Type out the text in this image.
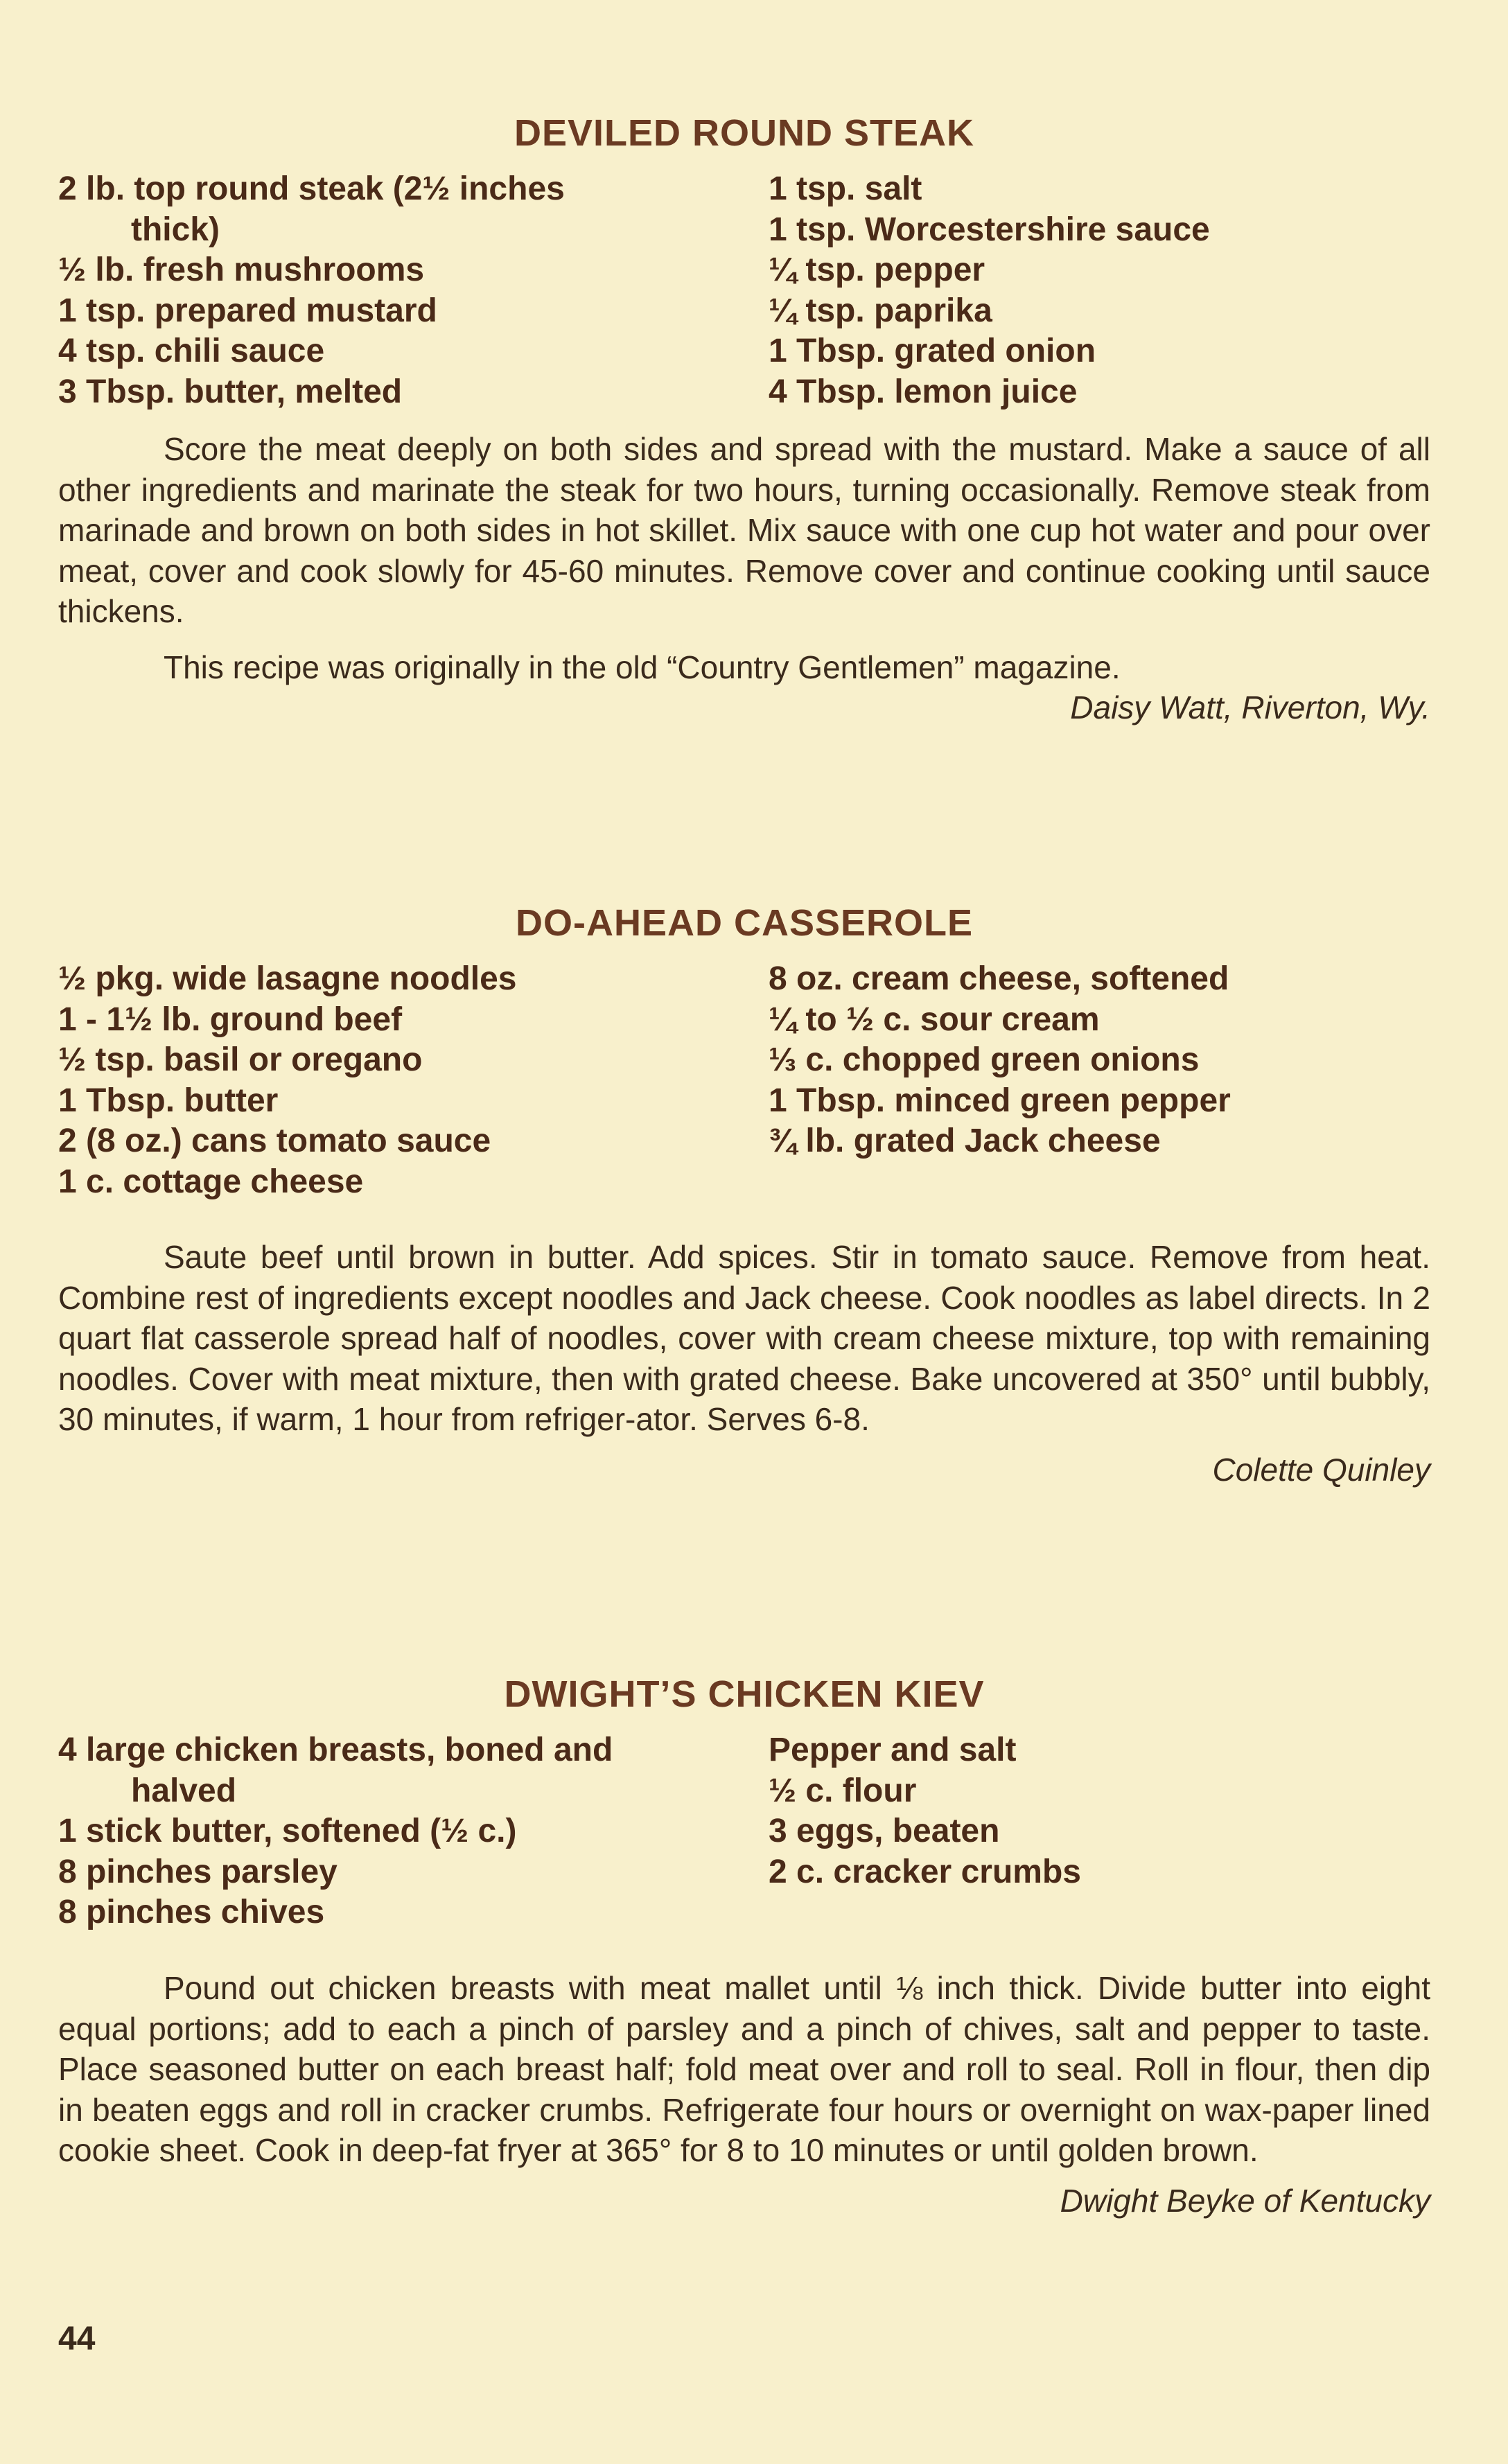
DEVILED ROUND STEAK

2 lb. top round steak (2½ inches

thick)

½ lb. fresh mushrooms

1 tsp. prepared mustard

4 tsp. chili sauce

3 Tbsp. butter, melted

1 tsp. salt

1 tsp. Worcestershire sauce

¼ tsp. pepper

¼ tsp. paprika

1 Tbsp. grated onion

4 Tbsp. lemon juice

Score the meat deeply on both sides and spread with the mustard. Make a sauce of all other ingredients and marinate the steak for two hours, turning occasionally. Remove steak from marinade and brown on both sides in hot skillet. Mix sauce with one cup hot water and pour over meat, cover and cook slowly for 45-60 minutes. Remove cover and continue cooking until sauce thickens.

This recipe was originally in the old “Country Gentlemen” magazine.

Daisy Watt, Riverton, Wy.

DO-AHEAD CASSEROLE

½ pkg. wide lasagne noodles

1 - 1½ lb. ground beef

½ tsp. basil or oregano

1 Tbsp. butter

2 (8 oz.) cans tomato sauce

1 c. cottage cheese

8 oz. cream cheese, softened

¼ to ½ c. sour cream

⅓ c. chopped green onions

1 Tbsp. minced green pepper

¾ lb. grated Jack cheese

Saute beef until brown in butter. Add spices. Stir in tomato sauce. Remove from heat. Combine rest of ingredients except noodles and Jack cheese. Cook noodles as label directs. In 2 quart flat casserole spread half of noodles, cover with cream cheese mixture, top with remaining noodles. Cover with meat mixture, then with grated cheese. Bake uncovered at 350° until bubbly, 30 minutes, if warm, 1 hour from refriger-ator. Serves 6-8.

Colette Quinley

DWIGHT’S CHICKEN KIEV

4 large chicken breasts, boned and

halved

1 stick butter, softened (½ c.)

8 pinches parsley

8 pinches chives

Pepper and salt

½ c. flour

3 eggs, beaten

2 c. cracker crumbs

Pound out chicken breasts with meat mallet until ⅛ inch thick. Divide butter into eight equal portions; add to each a pinch of parsley and a pinch of chives, salt and pepper to taste. Place seasoned butter on each breast half; fold meat over and roll to seal. Roll in flour, then dip in beaten eggs and roll in cracker crumbs. Refrigerate four hours or overnight on wax-paper lined cookie sheet. Cook in deep-fat fryer at 365° for 8 to 10 minutes or until golden brown.

Dwight Beyke of Kentucky

44
